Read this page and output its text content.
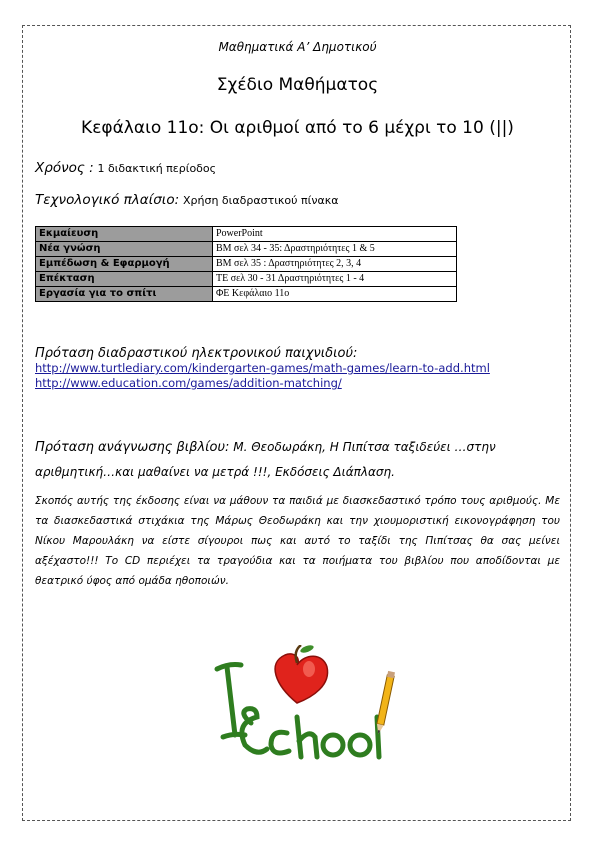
Μαθηματικά Α’ Δημοτικού
Σχέδιο Μαθήματος
Κεφάλαιο 11ο: Οι αριθμοί από το 6 μέχρι το 10 (||)
Χρόνος : 1 διδακτική περίοδος
Τεχνολογικό πλαίσιο: Χρήση διαδραστικού πίνακα
Εκμαίευση	PowerPoint
Νέα γνώση	ΒΜ σελ 34 - 35: Δραστηριότητες 1 & 5
Εμπέδωση & Εφαρμογή	ΒΜ σελ 35 : Δραστηριότητες 2, 3, 4
Επέκταση	ΤΕ σελ 30 - 31 Δραστηριότητες 1 - 4
Εργασία για το σπίτι	ΦΕ Κεφάλαιο 11ο
Πρόταση διαδραστικού ηλεκτρονικού παιχνιδιού:
http://www.turtlediary.com/kindergarten-games/math-games/learn-to-add.html
http://www.education.com/games/addition-matching/
Πρόταση ανάγνωσης βιβλίου: Μ. Θεοδωράκη, Η Πιπίτσα ταξιδεύει …στην αριθμητική…και μαθαίνει να μετρά !!!, Εκδόσεις Διάπλαση.
Σκοπός αυτής της έκδοσης είναι να μάθουν τα παιδιά με διασκεδαστικό τρόπο τους αριθμούς. Με τα διασκεδαστικά στιχάκια της Μάρως Θεοδωράκη και την χιουμοριστική εικονογράφηση του Νίκου Μαρουλάκη να είστε σίγουροι πως και αυτό το ταξίδι της Πιπίτσας θα σας μείνει αξέχαστο!!! Το CD περιέχει τα τραγούδια και τα ποιήματα του βιβλίου που αποδίδονται με θεατρικό ύφος από ομάδα ηθοποιών.
